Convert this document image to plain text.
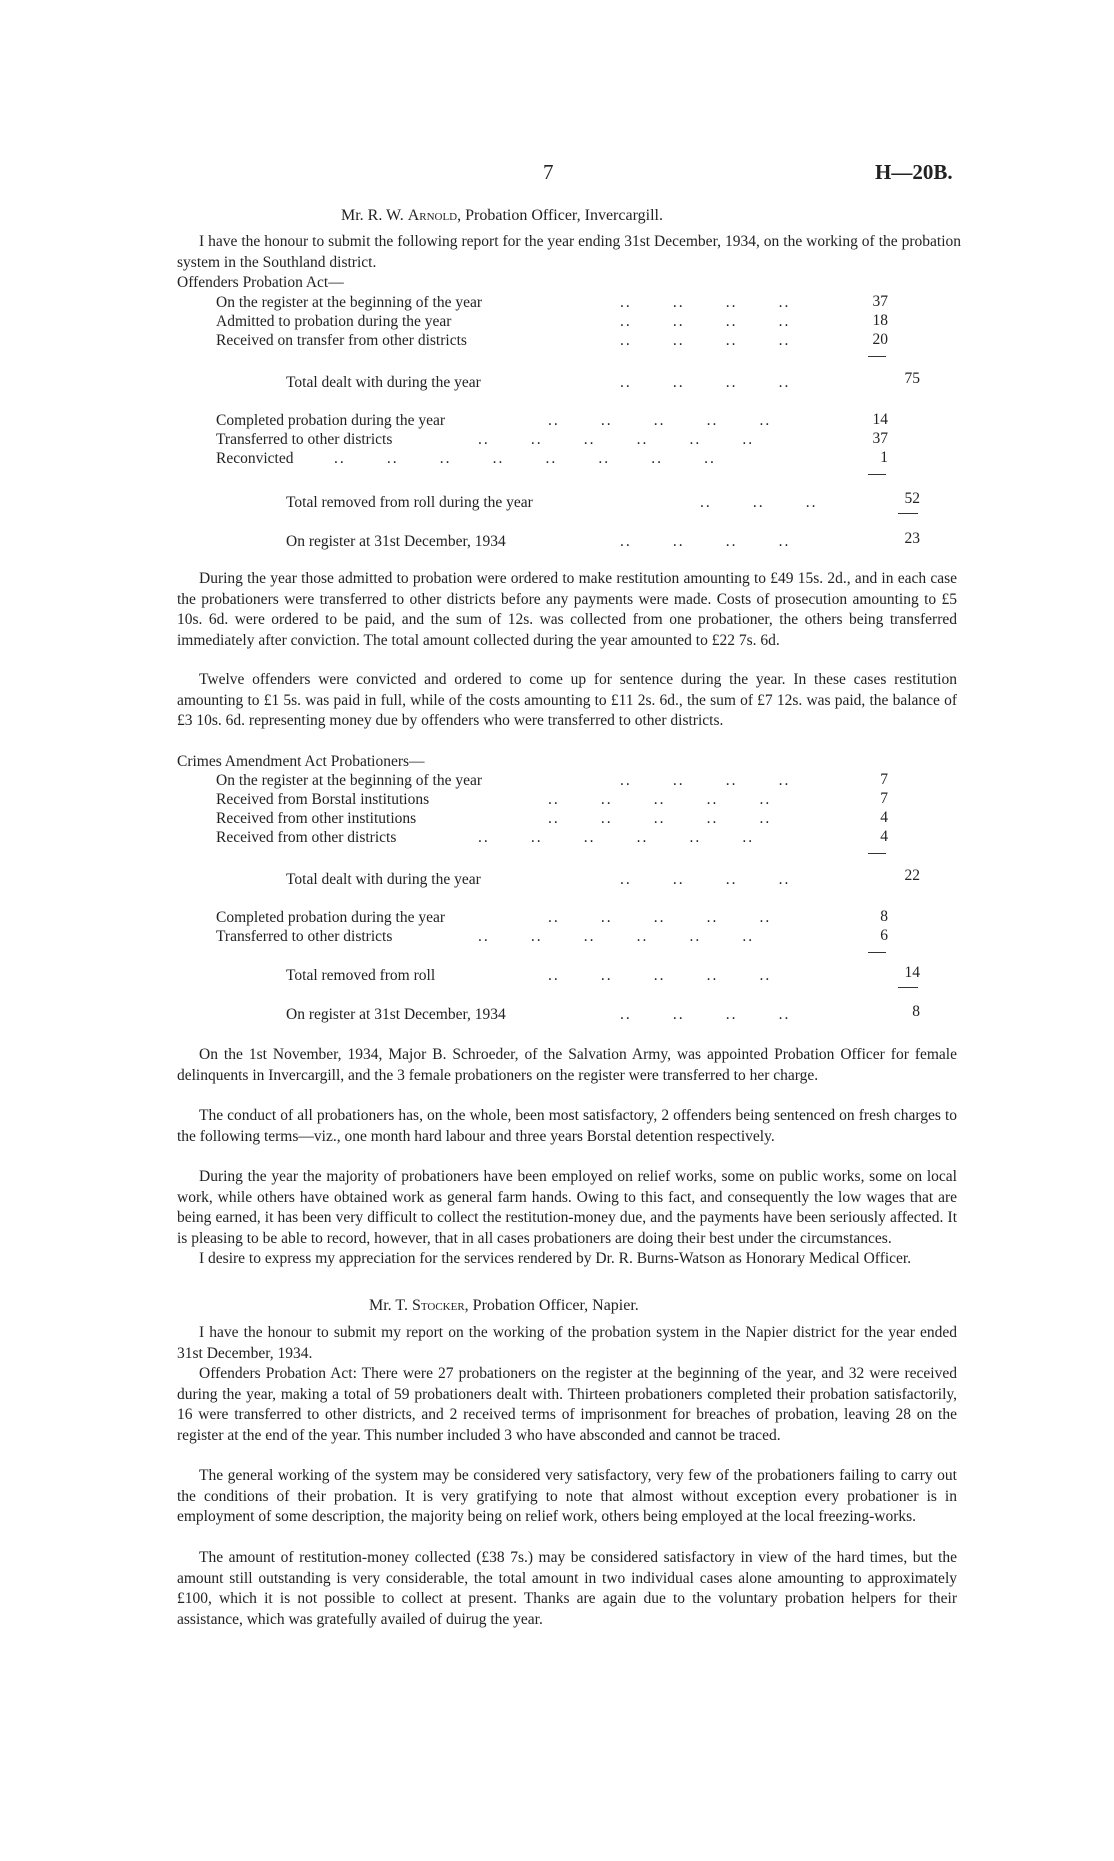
7	H—20B.
Mr. R. W. Arnold, Probation Officer, Invercargill.
I have the honour to submit the following report for the year ending 31st December, 1934, on the working of the probation system in the Southland district.
Offenders Probation Act—
On the register at the beginning of the year	..       ..       ..       ..	37
Admitted to probation during the year	..       ..       ..       ..	18
Received on transfer from other districts	..       ..       ..       ..	20
Total dealt with during the year	..       ..       ..       ..	75
Completed probation during the year	..       ..       ..       ..       ..	14
Transferred to other districts	..       ..       ..       ..       ..       ..	37
Reconvicted	..       ..       ..       ..       ..       ..       ..       ..	1
Total removed from roll during the year	..       ..       ..	52
On register at 31st December, 1934	..       ..       ..       ..	23
During the year those admitted to probation were ordered to make restitution amounting to £49 15s. 2d., and in each case the probationers were transferred to other districts before any payments were made. Costs of prosecution amounting to £5 10s. 6d. were ordered to be paid, and the sum of 12s. was collected from one probationer, the others being transferred immediately after conviction. The total amount collected during the year amounted to £22 7s. 6d.
Twelve offenders were convicted and ordered to come up for sentence during the year. In these cases restitution amounting to £1 5s. was paid in full, while of the costs amounting to £11 2s. 6d., the sum of £7 12s. was paid, the balance of £3 10s. 6d. representing money due by offenders who were transferred to other districts.
Crimes Amendment Act Probationers—
On the register at the beginning of the year	..       ..       ..       ..	7
Received from Borstal institutions	..       ..       ..       ..       ..	7
Received from other institutions	..       ..       ..       ..       ..	4
Received from other districts	..       ..       ..       ..       ..       ..	4
Total dealt with during the year	..       ..       ..       ..	22
Completed probation during the year	..       ..       ..       ..       ..	8
Transferred to other districts	..       ..       ..       ..       ..       ..	6
Total removed from roll	..       ..       ..       ..       ..	14
On register at 31st December, 1934	..       ..       ..       ..	8
On the 1st November, 1934, Major B. Schroeder, of the Salvation Army, was appointed Probation Officer for female delinquents in Invercargill, and the 3 female probationers on the register were transferred to her charge.
The conduct of all probationers has, on the whole, been most satisfactory, 2 offenders being sentenced on fresh charges to the following terms—viz., one month hard labour and three years Borstal detention respectively.
During the year the majority of probationers have been employed on relief works, some on public works, some on local work, while others have obtained work as general farm hands. Owing to this fact, and consequently the low wages that are being earned, it has been very difficult to collect the restitution-money due, and the payments have been seriously affected. It is pleasing to be able to record, however, that in all cases probationers are doing their best under the circumstances.
I desire to express my appreciation for the services rendered by Dr. R. Burns-Watson as Honorary Medical Officer.
Mr. T. Stocker, Probation Officer, Napier.
I have the honour to submit my report on the working of the probation system in the Napier district for the year ended 31st December, 1934.
Offenders Probation Act: There were 27 probationers on the register at the beginning of the year, and 32 were received during the year, making a total of 59 probationers dealt with. Thirteen probationers completed their probation satisfactorily, 16 were transferred to other districts, and 2 received terms of imprisonment for breaches of probation, leaving 28 on the register at the end of the year. This number included 3 who have absconded and cannot be traced.
The general working of the system may be considered very satisfactory, very few of the probationers failing to carry out the conditions of their probation. It is very gratifying to note that almost without exception every probationer is in employment of some description, the majority being on relief work, others being employed at the local freezing-works.
The amount of restitution-money collected (£38 7s.) may be considered satisfactory in view of the hard times, but the amount still outstanding is very considerable, the total amount in two individual cases alone amounting to approximately £100, which it is not possible to collect at present. Thanks are again due to the voluntary probation helpers for their assistance, which was gratefully availed of duirug the year.
